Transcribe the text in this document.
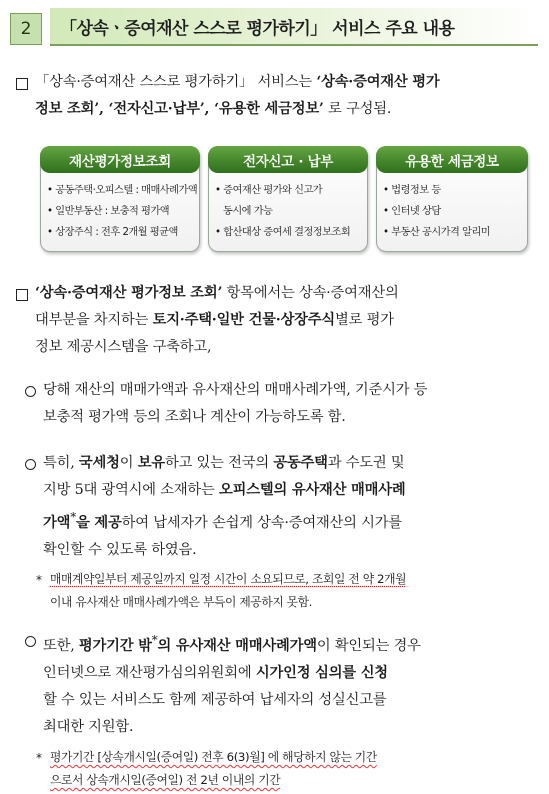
2	「상속ㆍ증여재산 스스로 평가하기」 서비스 주요 내용
「상속·증여재산 스스로 평가하기」 서비스는 ‘상속·증여재산 평가
정보 조회’, ‘전자신고·납부’, ‘유용한 세금정보’ 로 구성됨.
재산평가정보조회
• 공동주택·오피스텔 : 매매사례가액
• 일반부동산 : 보충적 평가액
• 상장주식 : 전후 2개월 평균액
전자신고 · 납부
• 증여재산 평가와 신고가
동시에 가능
• 합산대상 증여세 결정정보조회
유용한 세금정보
• 법령정보 등
• 인터넷 상담
• 부동산 공시가격 알리미
‘상속·증여재산 평가정보 조회’ 항목에서는 상속·증여재산의
대부분을 차지하는 토지·주택·일반 건물·상장주식별로 평가
정보 제공시스템을 구축하고,
당해 재산의 매매가액과 유사재산의 매매사례가액, 기준시가 등
보충적 평가액 등의 조회나 계산이 가능하도록 함.
특히, 국세청이 보유하고 있는 전국의 공동주택과 수도권 및
지방 5대 광역시에 소재하는 오피스텔의 유사재산 매매사례
가액*을 제공하여 납세자가 손쉽게 상속·증여재산의 시가를
확인할 수 있도록 하였음.
* 매매계약일부터 제공일까지 일정 시간이 소요되므로, 조회일 전 약 2개월
이내 유사재산 매매사례가액은 부득이 제공하지 못함.
또한, 평가기간 밖*의 유사재산 매매사례가액이 확인되는 경우
인터넷으로 재산평가심의위원회에 시가인정 심의를 신청
할 수 있는 서비스도 함께 제공하여 납세자의 성실신고를
최대한 지원함.
* 평가기간 [상속개시일(증여일) 전후 6(3)월] 에 해당하지 않는 기간
으로서 상속개시일(증여일) 전 2년 이내의 기간
